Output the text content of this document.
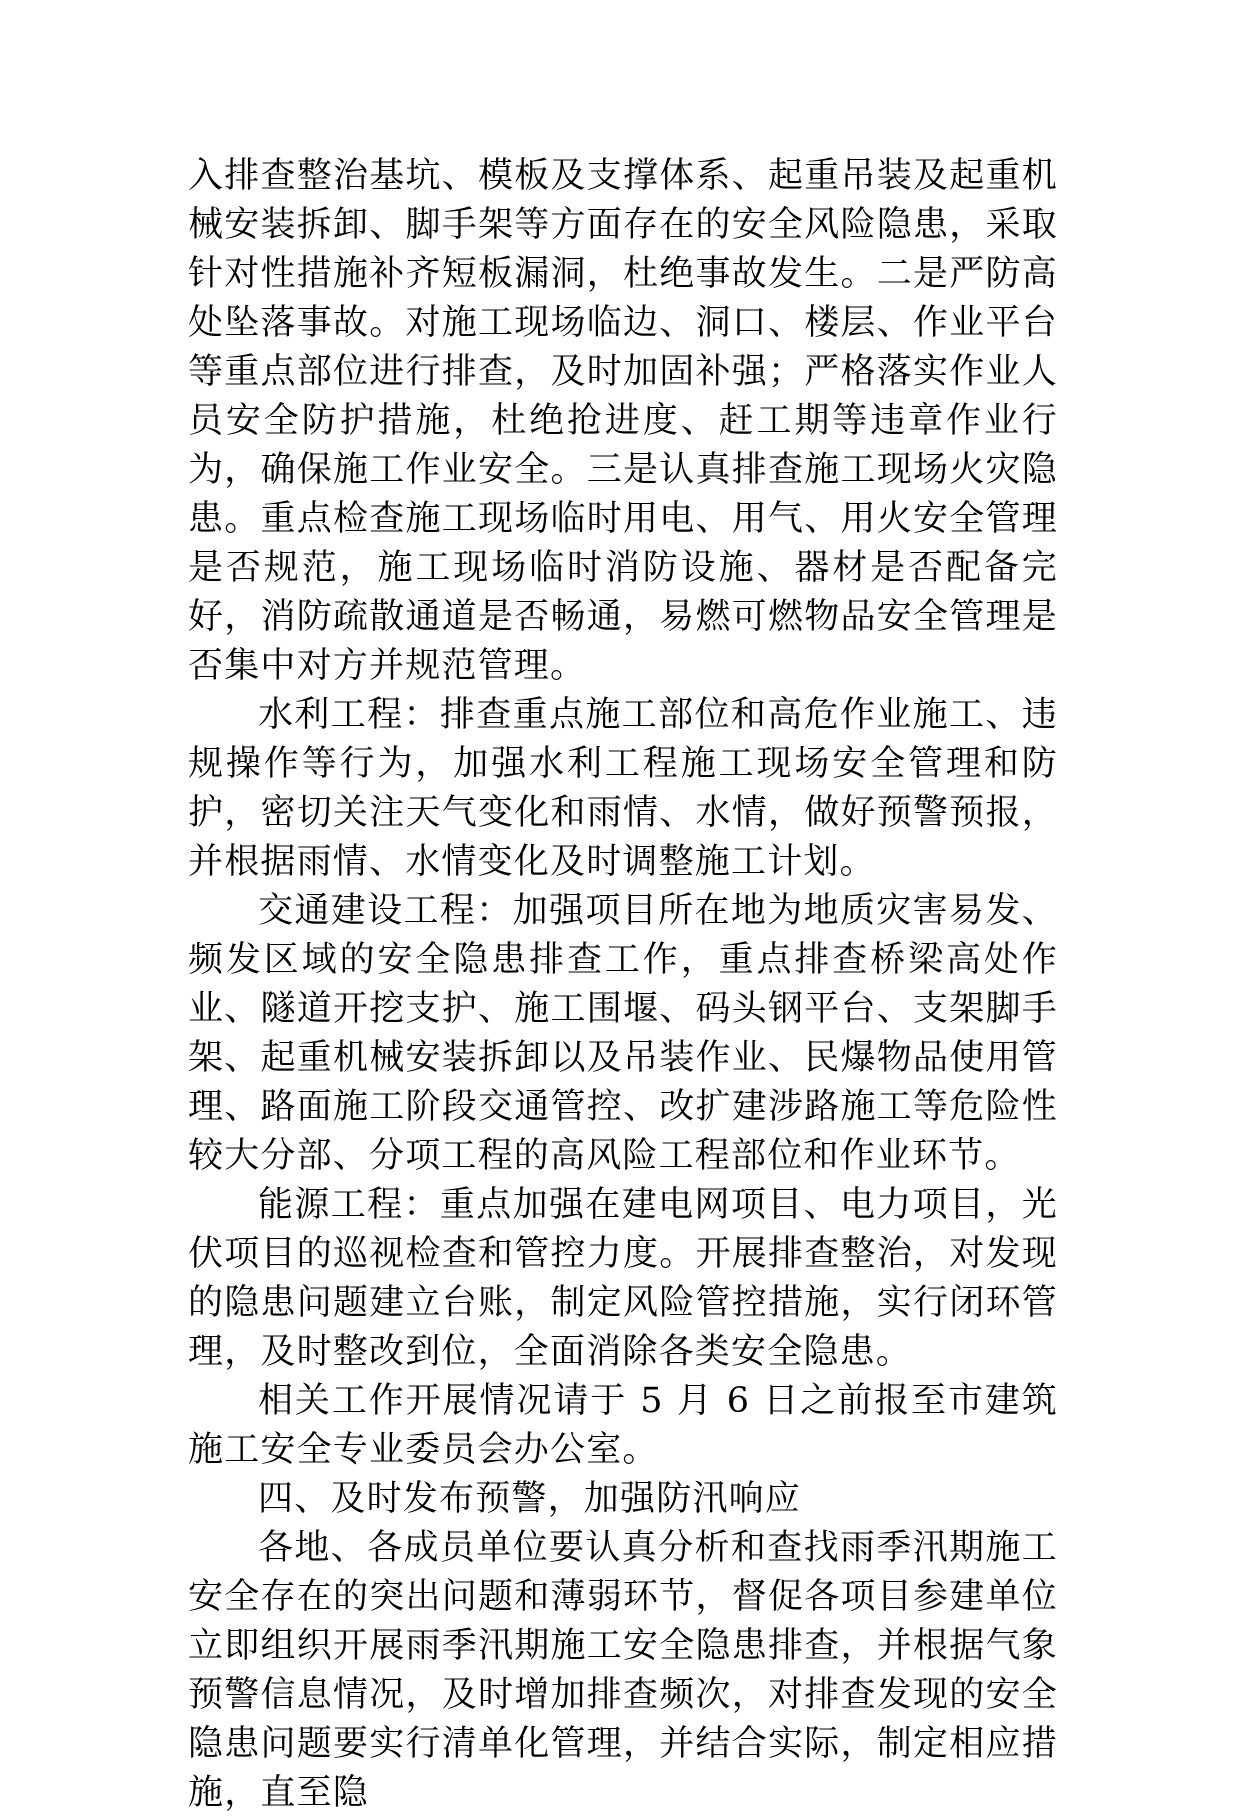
入排查整治基坑、模板及支撑体系、起重吊装及起重机械安装拆卸、脚手架等方面存在的安全风险隐患，采取针对性措施补齐短板漏洞，杜绝事故发生。二是严防高处坠落事故。对施工现场临边、洞口、楼层、作业平台等重点部位进行排查，及时加固补强；严格落实作业人员安全防护措施，杜绝抢进度、赶工期等违章作业行为，确保施工作业安全。三是认真排查施工现场火灾隐患。重点检查施工现场临时用电、用气、用火安全管理是否规范，施工现场临时消防设施、器材是否配备完好，消防疏散通道是否畅通，易燃可燃物品安全管理是否集中对方并规范管理。

水利工程：排查重点施工部位和高危作业施工、违规操作等行为，加强水利工程施工现场安全管理和防护，密切关注天气变化和雨情、水情，做好预警预报，并根据雨情、水情变化及时调整施工计划。

交通建设工程：加强项目所在地为地质灾害易发、频发区域的安全隐患排查工作，重点排查桥梁高处作业、隧道开挖支护、施工围堰、码头钢平台、支架脚手架、起重机械安装拆卸以及吊装作业、民爆物品使用管理、路面施工阶段交通管控、改扩建涉路施工等危险性较大分部、分项工程的高风险工程部位和作业环节。

能源工程：重点加强在建电网项目、电力项目，光伏项目的巡视检查和管控力度。开展排查整治，对发现的隐患问题建立台账，制定风险管控措施，实行闭环管理，及时整改到位，全面消除各类安全隐患。

相关工作开展情况请于 5 月 6 日之前报至市建筑施工安全专业委员会办公室。

四、及时发布预警，加强防汛响应

各地、各成员单位要认真分析和查找雨季汛期施工安全存在的突出问题和薄弱环节，督促各项目参建单位立即组织开展雨季汛期施工安全隐患排查，并根据气象预警信息情况，及时增加排查频次，对排查发现的安全隐患问题要实行清单化管理，并结合实际，制定相应措施，直至隐
